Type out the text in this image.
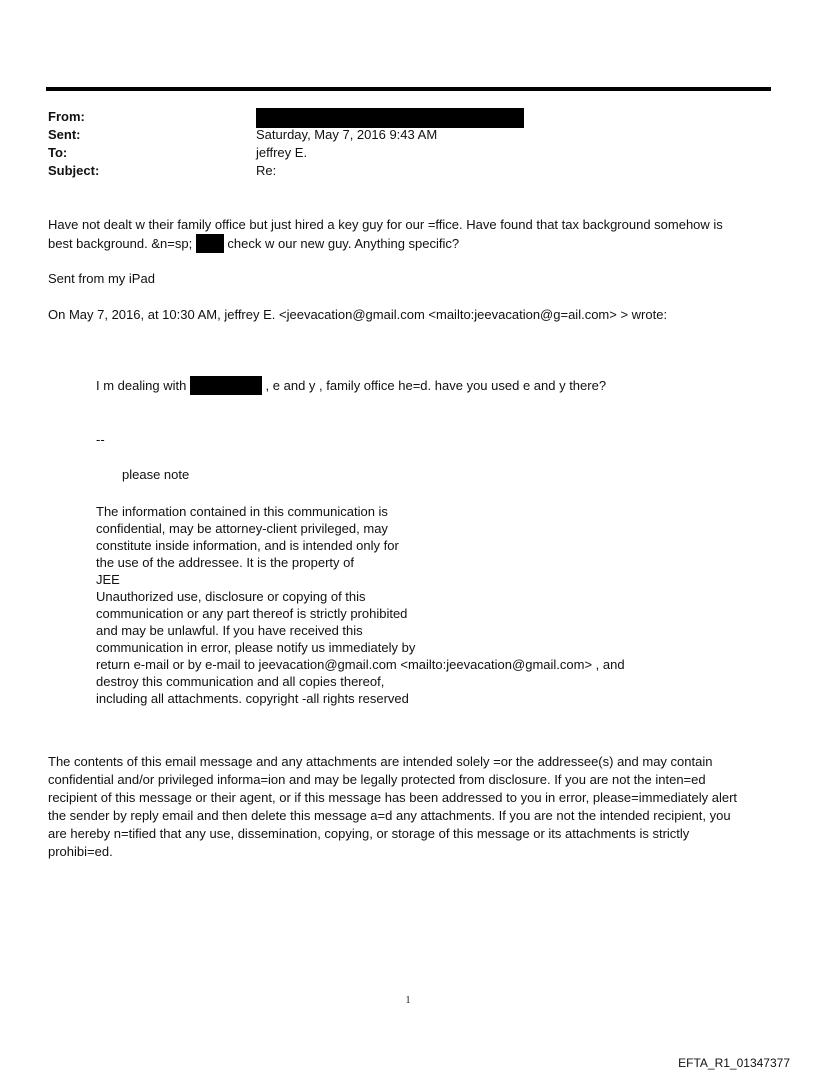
From:
Sent:	Saturday, May 7, 2016 9:43 AM
To:	jeffrey E.
Subject:	Re:
Have not dealt w their family office but just hired a key guy for our =ffice. Have found that tax background somehow is
best background. &n=sp;  check w our new guy. Anything specific?
Sent from my iPad
On May 7, 2016, at 10:30 AM, jeffrey E. <jeevacation@gmail.com <mailto:jeevacation@g=ail.com> > wrote:
I m dealing with	, e and y , family office he=d. have you used e and y there?
--
please note
The information contained in this communication is
confidential, may be attorney-client privileged, may
constitute inside information, and is intended only for
the use of the addressee. It is the property of
JEE
Unauthorized use, disclosure or copying of this
communication or any part thereof is strictly prohibited
and may be unlawful. If you have received this
communication in error, please notify us immediately by
return e-mail or by e-mail to jeevacation@gmail.com <mailto:jeevacation@gmail.com> , and
destroy this communication and all copies thereof,
including all attachments. copyright -all rights reserved
The contents of this email message and any attachments are intended solely =or the addressee(s) and may contain
confidential and/or privileged informa=ion and may be legally protected from disclosure. If you are not the inten=ed
recipient of this message or their agent, or if this message has been addressed to you in error, please=immediately alert
the sender by reply email and then delete this message a=d any attachments. If you are not the intended recipient, you
are hereby n=tified that any use, dissemination, copying, or storage of this message or its attachments is strictly
prohibi=ed.
1
EFTA_R1_01347377
